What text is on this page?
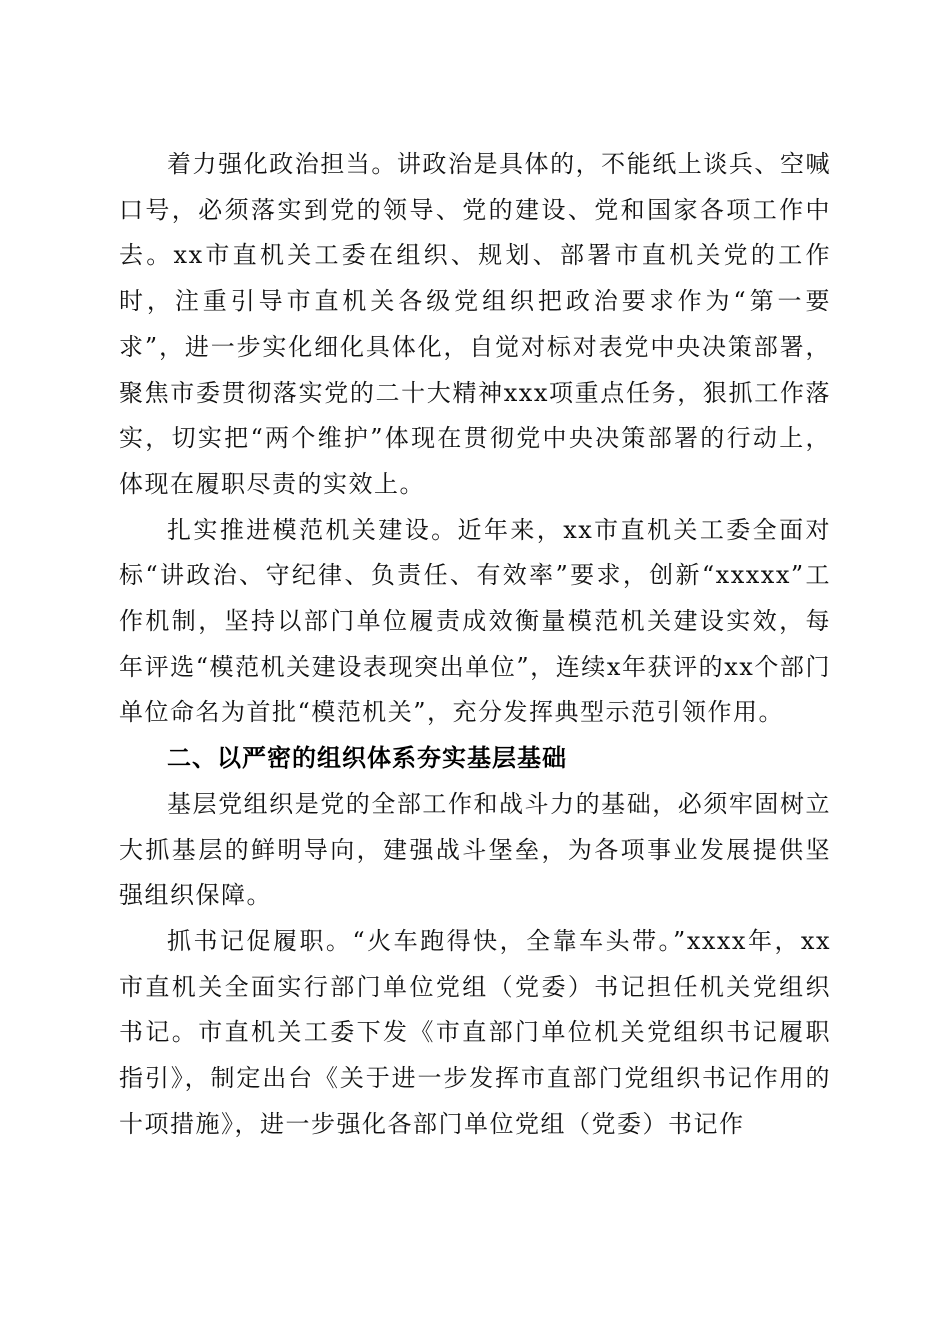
着力强化政治担当。讲政治是具体的，不能纸上谈兵、空喊口号，必须落实到党的领导、党的建设、党和国家各项工作中去。xx市直机关工委在组织、规划、部署市直机关党的工作时，注重引导市直机关各级党组织把政治要求作为“第一要求”，进一步实化细化具体化，自觉对标对表党中央决策部署，聚焦市委贯彻落实党的二十大精神xxx项重点任务，狠抓工作落实，切实把“两个维护”体现在贯彻党中央决策部署的行动上，体现在履职尽责的实效上。

扎实推进模范机关建设。近年来，xx市直机关工委全面对标“讲政治、守纪律、负责任、有效率”要求，创新“xxxxx”工作机制，坚持以部门单位履责成效衡量模范机关建设实效，每年评选“模范机关建设表现突出单位”，连续x年获评的xx个部门单位命名为首批“模范机关”，充分发挥典型示范引领作用。

二、以严密的组织体系夯实基层基础

基层党组织是党的全部工作和战斗力的基础，必须牢固树立大抓基层的鲜明导向，建强战斗堡垒，为各项事业发展提供坚强组织保障。

抓书记促履职。“火车跑得快，全靠车头带。”xxxx年，xx市直机关全面实行部门单位党组（党委）书记担任机关党组织书记。市直机关工委下发《市直部门单位机关党组织书记履职指引》，制定出台《关于进一步发挥市直部门党组织书记作用的十项措施》，进一步强化各部门单位党组（党委）书记作
